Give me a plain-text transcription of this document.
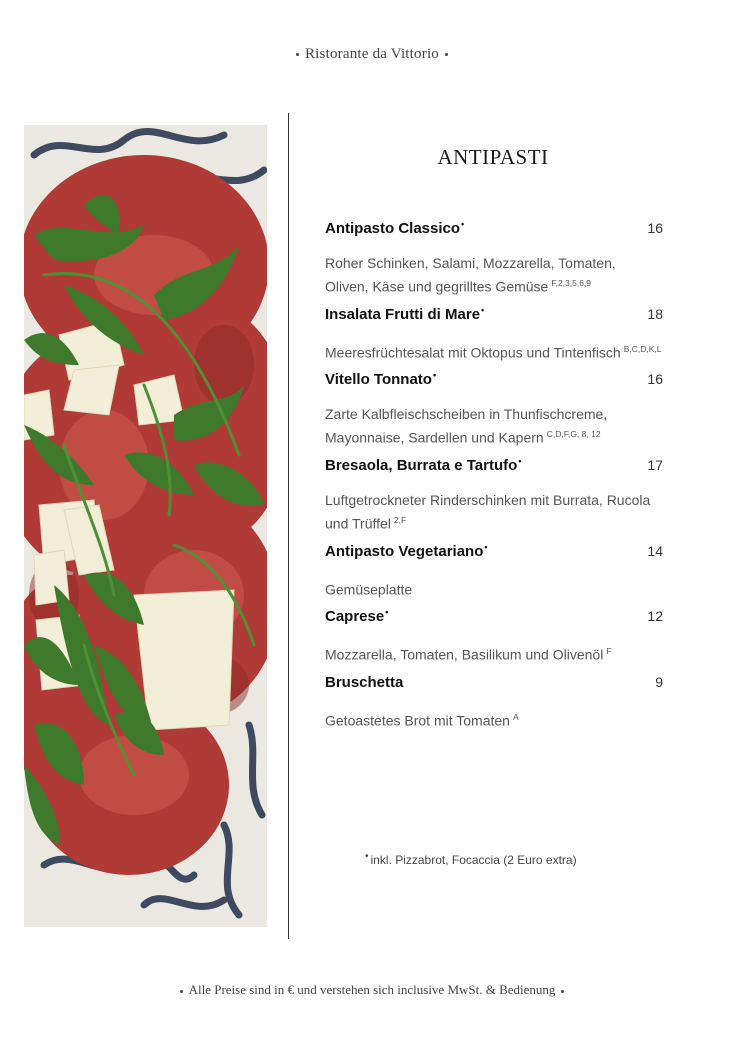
Ristorante da Vittorio
ANTIPASTI
Antipasto Classico•	16
Roher Schinken, Salami, Mozzarella, Tomaten, Oliven, Käse und gegrilltes Gemüse $^{F,2,3,5,6,9}$
Insalata Frutti di Mare•	18
Meeresfrüchtesalat mit Oktopus und Tintenfisch $^{B,C,D,K,L}$
Vitello Tonnato•	16
Zarte Kalbfleischscheiben in Thunfischcreme, Mayonnaise, Sardellen und Kapern $^{C,D,F,G, 8, 12}$
Bresaola, Burrata e Tartufo•	17
Luftgetrockneter Rinderschinken mit Burrata, Rucola und Trüffel $^{2,F}$
Antipasto Vegetariano•	14
Gemüseplatte
Caprese•	12
Mozzarella, Tomaten, Basilikum und Olivenöl $^F$
Bruschetta	9
Getoastetes Brot mit Tomaten $^A$
• inkl. Pizzabrot, Focaccia (2 Euro extra)
Alle Preise sind in € und verstehen sich inclusive MwSt. & Bedienung
